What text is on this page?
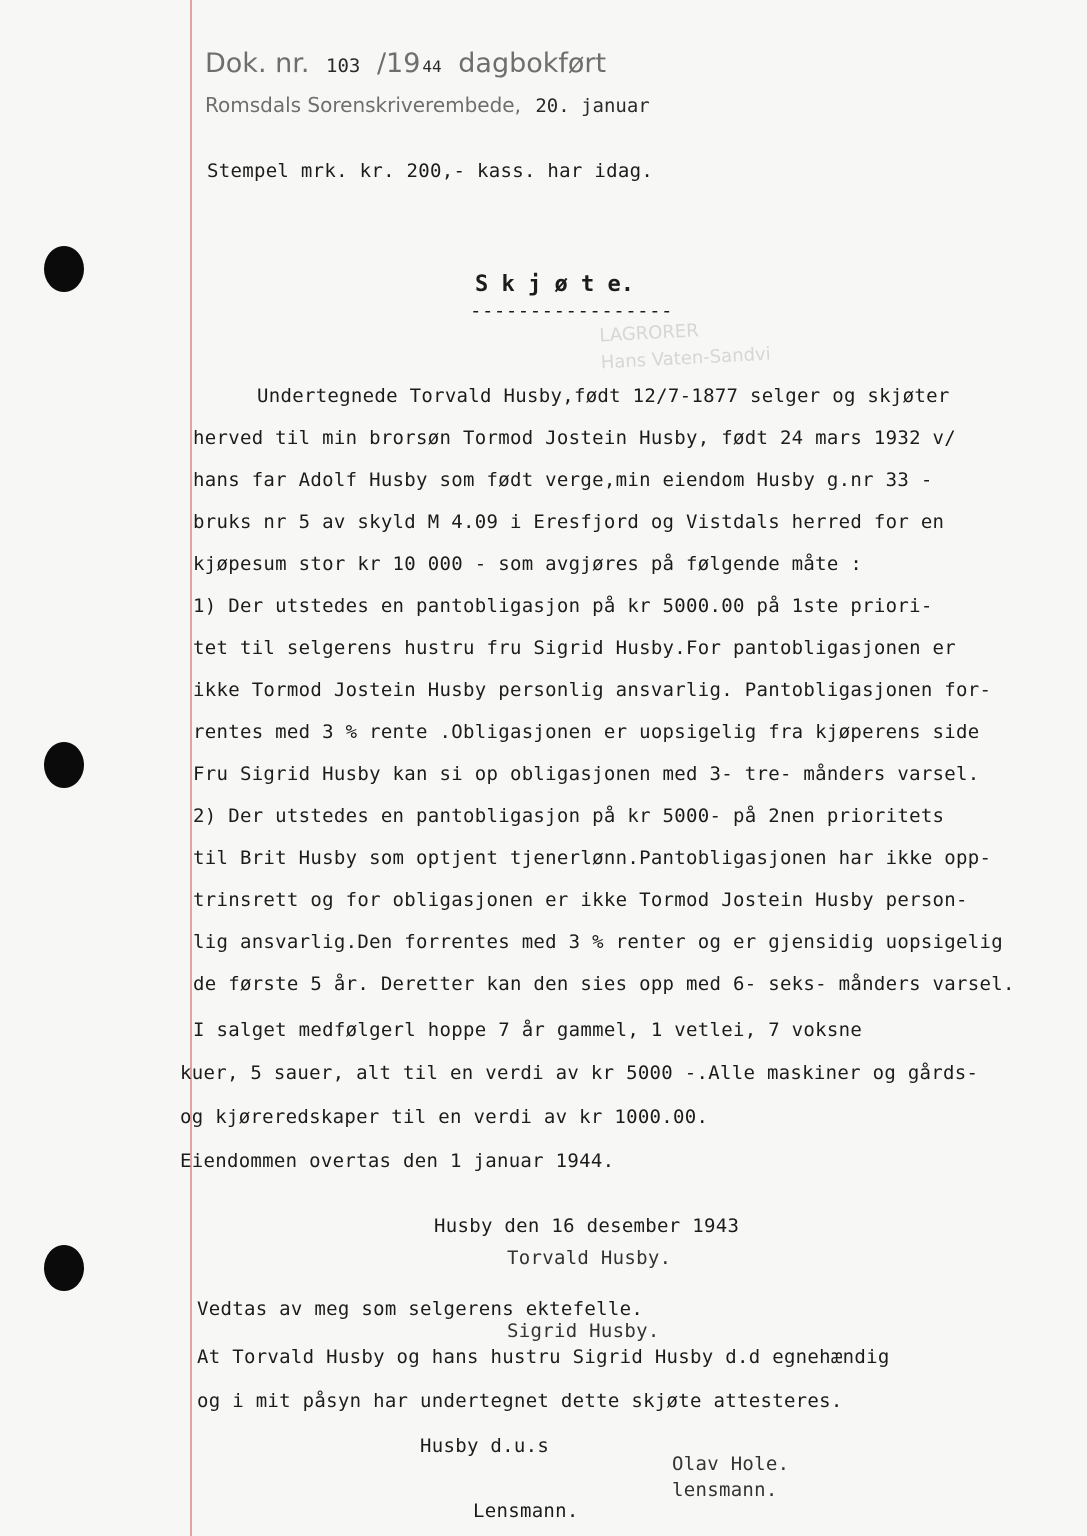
Dok. nr. 103 /19 44 dagbokført
Romsdals Sorenskriverembede, 20. januar
Stempel mrk. kr. 200,- kass. har idag.
S k j ø t e.
-----------------
LAGRORER
Hans Vaten-Sandvi
Undertegnede Torvald Husby,født 12/7-1877 selger og skjøter
herved til min brorsøn Tormod Jostein Husby, født 24 mars 1932 v/
hans far Adolf Husby som født verge,min eiendom Husby g.nr 33 -
bruks nr 5 av skyld M 4.09 i Eresfjord og Vistdals herred for en
kjøpesum stor kr 10 000 - som avgjøres på følgende måte :
1) Der utstedes en pantobligasjon på kr 5000.00 på 1ste priori-
tet til selgerens hustru fru Sigrid Husby.For pantobligasjonen er
ikke Tormod Jostein Husby personlig ansvarlig. Pantobligasjonen for-
rentes med 3 % rente .Obligasjonen er uopsigelig fra kjøperens side
Fru Sigrid Husby kan si op obligasjonen med 3- tre- månders varsel.
2) Der utstedes en pantobligasjon på kr 5000- på 2nen prioritets
til Brit Husby som optjent tjenerlønn.Pantobligasjonen har ikke opp-
trinsrett og for obligasjonen er ikke Tormod Jostein Husby person-
lig ansvarlig.Den forrentes med 3 % renter og er gjensidig uopsigelig
de første 5 år. Deretter kan den sies opp med 6- seks- månders varsel.
I salget medfølgerl hoppe 7 år gammel, 1 vetlei, 7 voksne
kuer, 5 sauer, alt til en verdi av kr 5000 -.Alle maskiner og gårds-
og kjøreredskaper til en verdi av kr 1000.00.
Eiendommen overtas den 1 januar 1944.
Husby den 16 desember 1943
Torvald Husby.
Vedtas av meg som selgerens ektefelle.
Sigrid Husby.
At Torvald Husby og hans hustru Sigrid Husby d.d egnehændig
og i mit påsyn har undertegnet dette skjøte attesteres.
Husby d.u.s
Olav Hole.
lensmann.
Lensmann.
